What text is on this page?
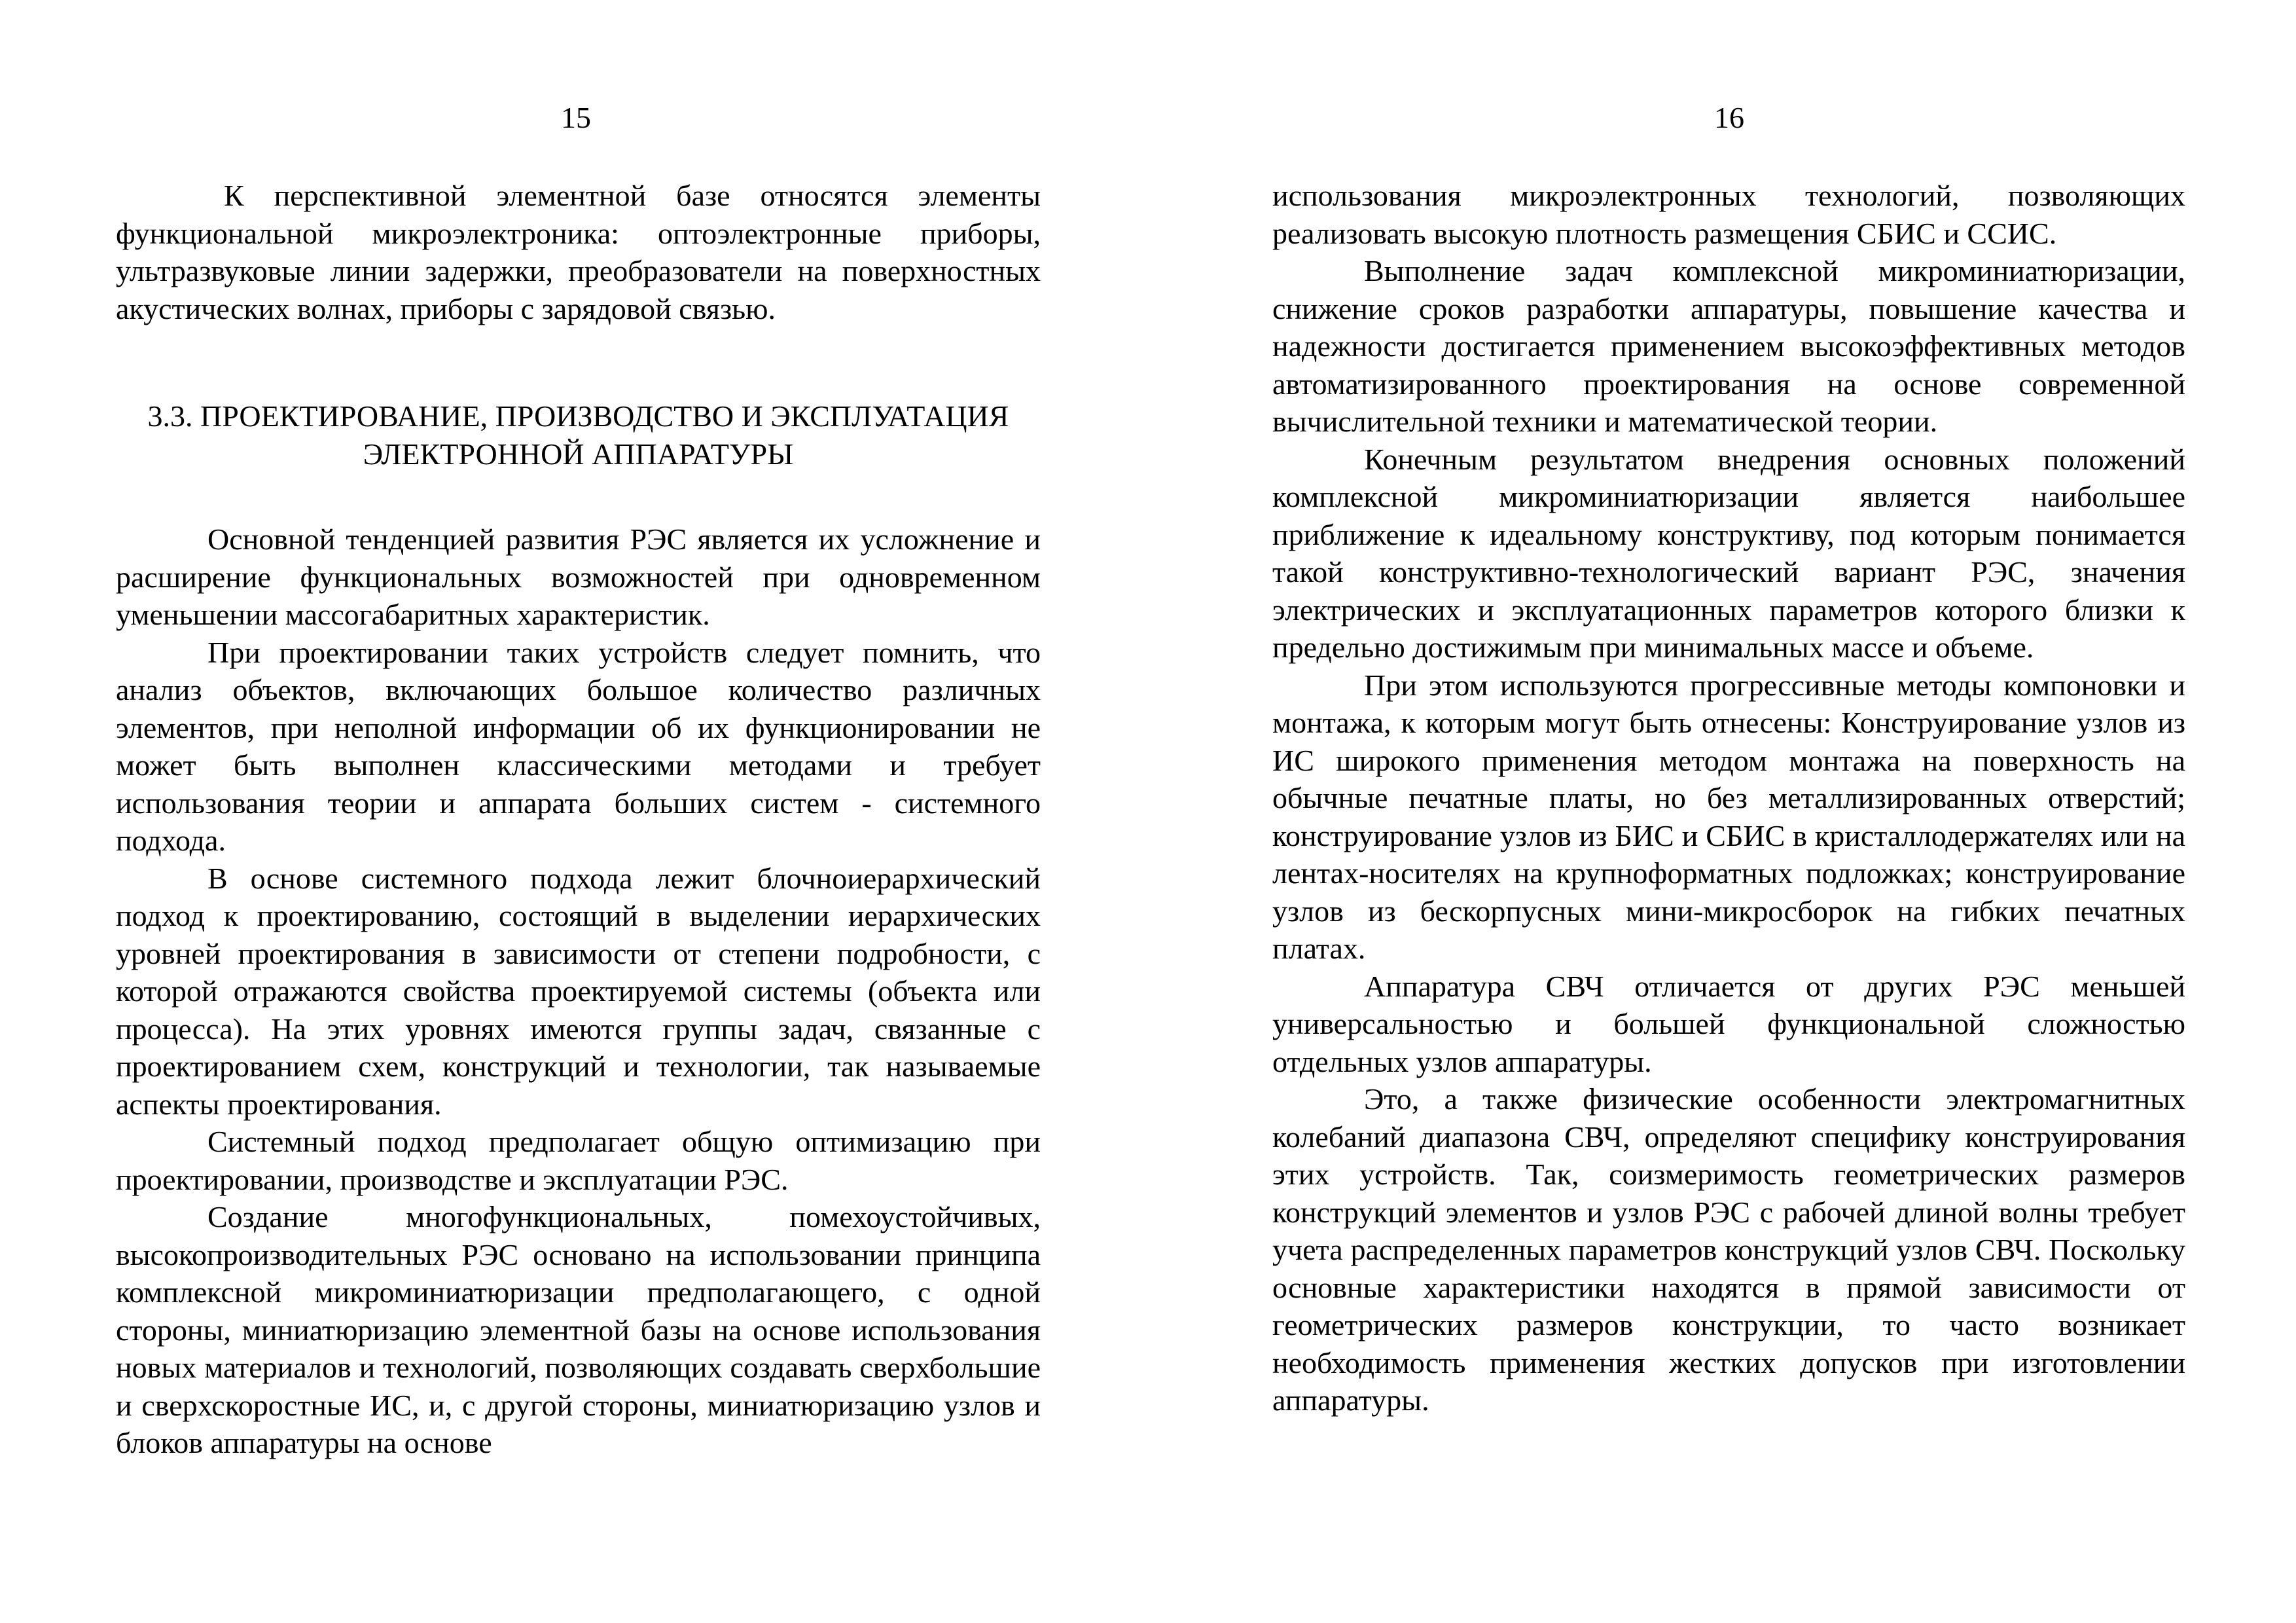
15

К перспективной элементной базе относятся элементы функциональной микроэлектроника: оптоэлектронные приборы, ультразвуковые линии задержки, преобразователи на поверхностных акустических волнах, приборы с зарядовой связью.

3.3. ПРОЕКТИРОВАНИЕ, ПРОИЗВОДСТВО И ЭКСПЛУАТАЦИЯ ЭЛЕКТРОННОЙ АППАРАТУРЫ

Основной тенденцией развития РЭС является их усложнение и расширение функциональных возможностей при одновременном уменьшении массогабаритных характеристик.

При проектировании таких устройств следует помнить, что анализ объектов, включающих большое количество различных элементов, при неполной информации об их функционировании не может быть выполнен классическими методами и требует использования теории и аппарата больших систем - системного подхода.

В основе системного подхода лежит блочноиерархический подход к проектированию, состоящий в выделении иерархических уровней проектирования в зависимости от степени подробности, с которой отражаются свойства проектируемой системы (объекта или процесса). На этих уровнях имеются группы задач, связанные с проектированием схем, конструкций и технологии, так называемые аспекты проектирования.

Системный подход предполагает общую оптимизацию при проектировании, производстве и эксплуатации РЭС.

Создание многофункциональных, помехоустойчивых, высокопроизводительных РЭС основано на использовании принципа комплексной микроминиатюризации предполагающего, с одной стороны, миниатюризацию элементной базы на основе использования новых материалов и технологий, позволяющих создавать сверхбольшие и сверхскоростные ИС, и, с другой стороны, миниатюризацию узлов и блоков аппаратуры на основе

16

использования микроэлектронных технологий, позволяющих реализовать высокую плотность размещения СБИС и ССИС.

Выполнение задач комплексной микроминиатюризации, снижение сроков разработки аппаратуры, повышение качества и надежности достигается применением высокоэффективных методов автоматизированного проектирования на основе современной вычислительной техники и математической теории.

Конечным результатом внедрения основных положений комплексной микроминиатюризации является наибольшее приближение к идеальному конструктиву, под которым понимается такой конструктивно-технологический вариант РЭС, значения электрических и эксплуатационных параметров которого близки к предельно достижимым при минимальных массе и объеме.

При этом используются прогрессивные методы компоновки и монтажа, к которым могут быть отнесены: Конструирование узлов из ИС широкого применения методом монтажа на поверхность на обычные печатные платы, но без металлизированных отверстий; конструирование узлов из БИС и СБИС в кристаллодержателях или на лентах-носителях на крупноформатных подложках; конструирование узлов из бескорпусных мини-микросборок на гибких печатных платах.

Аппаратура СВЧ отличается от других РЭС меньшей универсальностью и большей функциональной сложностью отдельных узлов аппаратуры.

Это, а также физические особенности электромагнитных колебаний диапазона СВЧ, определяют специфику конструирования этих устройств. Так, соизмеримость геометрических размеров конструкций элементов и узлов РЭС с рабочей длиной волны требует учета распределенных параметров конструкций узлов СВЧ. Поскольку основные характеристики находятся в прямой зависимости от геометрических размеров конструкции, то часто возникает необходимость применения жестких допусков при изготовлении аппаратуры.
